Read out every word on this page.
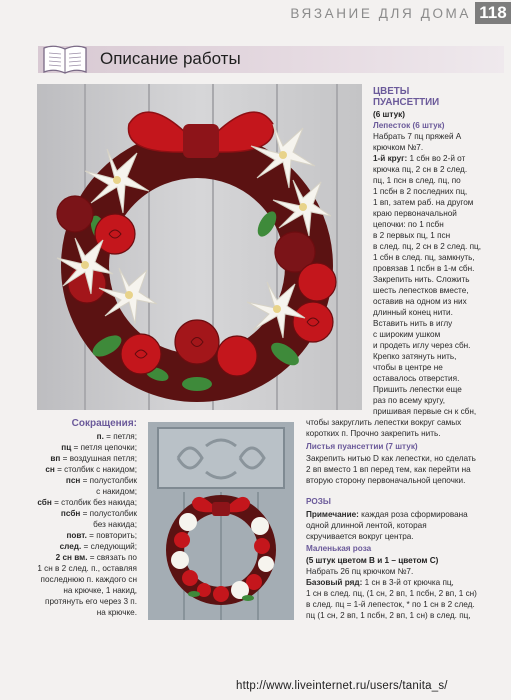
ВЯЗАНИЕ ДЛЯ ДОМА 118
Описание работы
ЦВЕТЫ
ПУАНСЕТТИИ
(6 штук)
Лепесток (6 штук)
Набрать 7 пц пряжей А
крючком №7.
1-й круг: 1 сбн во 2-й от
крючка пц, 2 сн в 2 след.
пц, 1 псн в след. пц, по
1 псбн в 2 последних пц,
1 вп, затем раб. на другом
краю первоначальной
цепочки: по 1 псбн
в 2 первых пц, 1 псн
в след. пц, 2 сн в 2 след. пц,
1 сбн в след. пц, замкнуть,
провязав 1 псбн в 1-м сбн.
Закрепить нить. Сложить
шесть лепестков вместе,
оставив на одном из них
длинный конец нити.
Вставить нить в иглу
с широким ушком
и продеть иглу через сбн.
Крепко затянуть нить,
чтобы в центре не
оставалось отверстия.
Пришить лепестки еще
раз по всему кругу,
пришивая первые сн к сбн,
чтобы закруглить лепестки вокруг самых
коротких п. Прочно закрепить нить.
Листья пуансеттии (7 штук)
Закрепить нитью D как лепестки, но сделать
2 вп вместо 1 вп перед тем, как перейти на
вторую сторону первоначальной цепочки.
РОЗЫ
Примечание: каждая роза сформирована
одной длинной лентой, которая
скручивается вокруг центра.
Маленькая роза
(5 штук цветом B и 1 – цветом C)
Набрать 26 пц крючком №7.
Базовый ряд: 1 сн в 3-й от крючка пц,
1 сн в след. пц, (1 сн, 2 вп, 1 псбн, 2 вп, 1 сн)
в след. пц = 1-й лепесток, * по 1 сн в 2 след.
пц (1 сн, 2 вп, 1 псбн, 2 вп, 1 сн) в след. пц,
Сокращения:
п. = петля;
пц = петля цепочки;
вп = воздушная петля;
сн = столбик с накидом;
псн = полустолбик
с накидом;
сбн = столбик без накида;
псбн = полустолбик
без накида;
повт. = повторить;
след. = следующий;
2 сн вм. = связать по
1 сн в 2 след. п., оставляя
последнюю п. каждого сн
на крючке, 1 накид,
протянуть его через 3 п.
на крючке.
http://www.liveinternet.ru/users/tanita_s/
